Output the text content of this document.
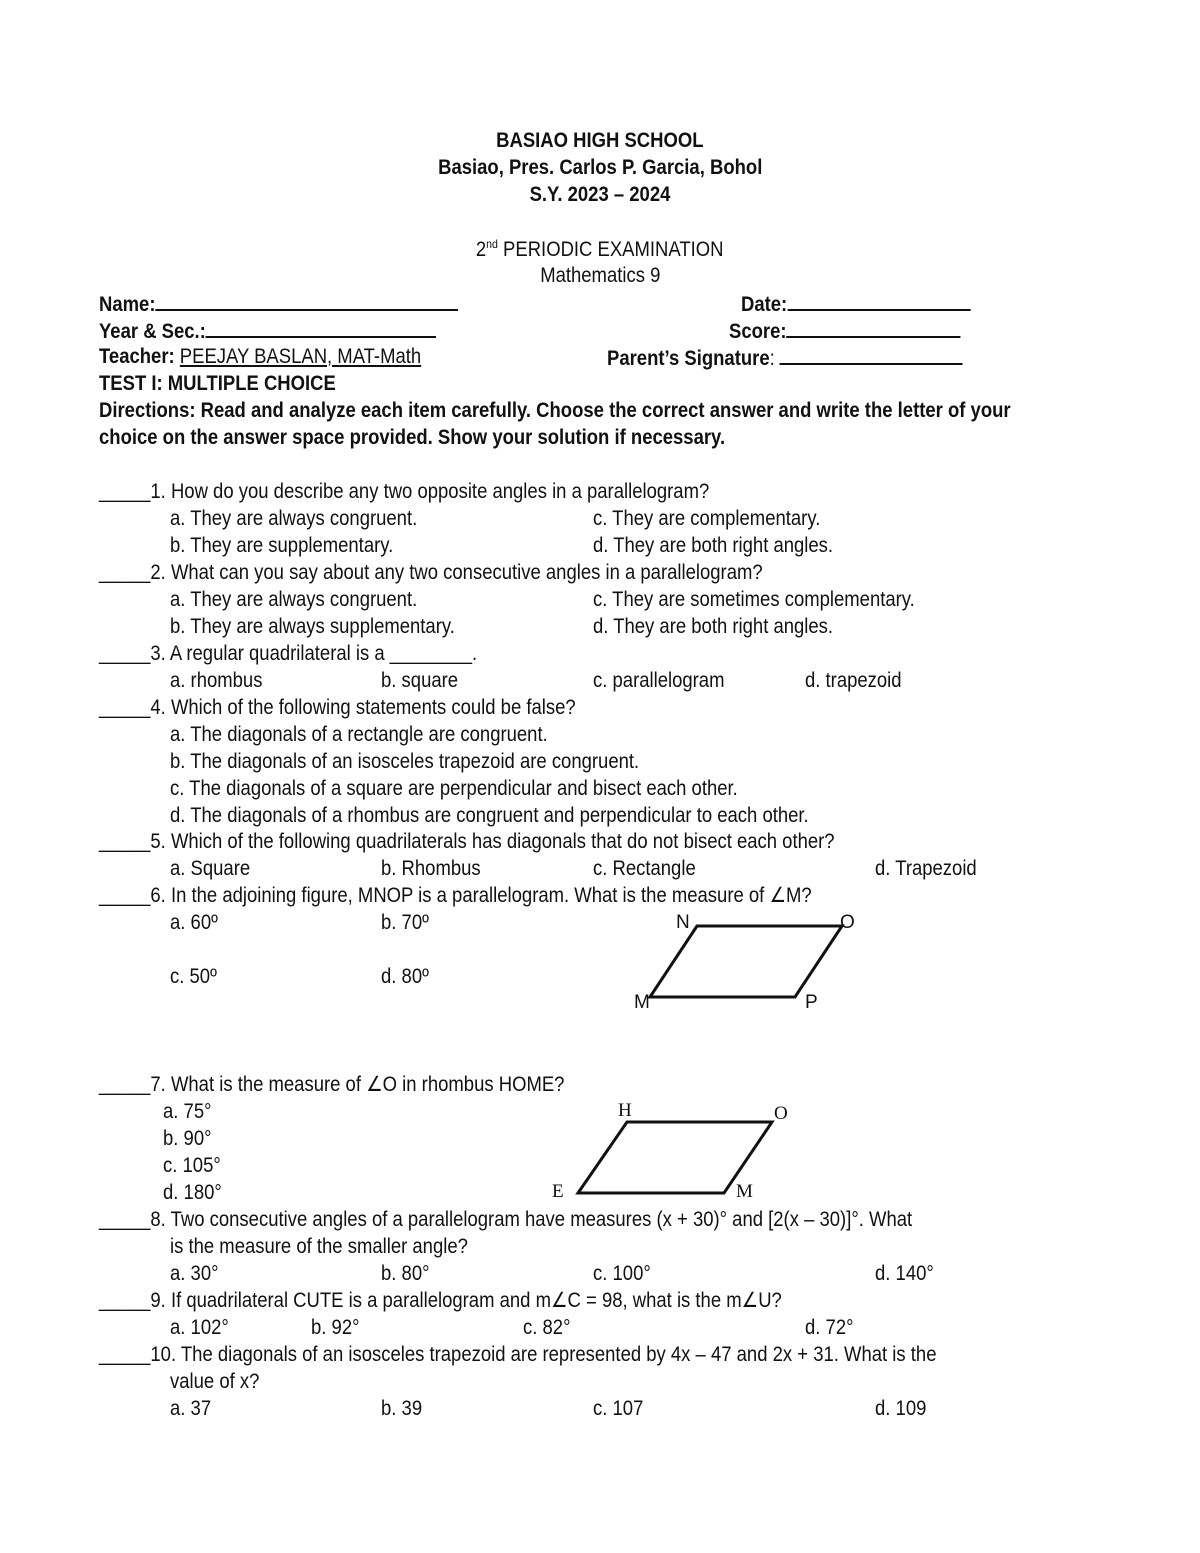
BASIAO HIGH SCHOOL
Basiao, Pres. Carlos P. Garcia, Bohol
S.Y. 2023 – 2024
2nd PERIODIC EXAMINATION
Mathematics 9
Name:	Date:
Year & Sec.:	Score:
Teacher: PEEJAY BASLAN, MAT-Math	Parent’s Signature:
TEST I: MULTIPLE CHOICE
Directions: Read and analyze each item carefully. Choose the correct answer and write the letter of your
choice on the answer space provided. Show your solution if necessary.
_____1. How do you describe any two opposite angles in a parallelogram?
a. They are always congruent.	c. They are complementary.
b. They are supplementary.	d. They are both right angles.
_____2. What can you say about any two consecutive angles in a parallelogram?
a. They are always congruent.	c. They are sometimes complementary.
b. They are always supplementary.	d. They are both right angles.
_____3. A regular quadrilateral is a ________.
a. rhombus	b. square	c. parallelogram	d. trapezoid
_____4. Which of the following statements could be false?
a. The diagonals of a rectangle are congruent.
b. The diagonals of an isosceles trapezoid are congruent.
c. The diagonals of a square are perpendicular and bisect each other.
d. The diagonals of a rhombus are congruent and perpendicular to each other.
_____5. Which of the following quadrilaterals has diagonals that do not bisect each other?
a. Square	b. Rhombus	c. Rectangle	d. Trapezoid
_____6. In the adjoining figure, MNOP is a parallelogram. What is the measure of ∠M?
a. 60º	b. 70º
c. 50º	d. 80º
N	O
M	P
_____7. What is the measure of ∠O in rhombus HOME?
a. 75°
b. 90°
c. 105°
d. 180°
H	O
E	M
_____8. Two consecutive angles of a parallelogram have measures (x + 30)° and [2(x – 30)]°. What
is the measure of the smaller angle?
a. 30°	b. 80°	c. 100°	d. 140°
_____9. If quadrilateral CUTE is a parallelogram and m∠C = 98, what is the m∠U?
a. 102°	b. 92°	c. 82°	d. 72°
_____10. The diagonals of an isosceles trapezoid are represented by 4x – 47 and 2x + 31. What is the
value of x?
a. 37	b. 39	c. 107	d. 109
